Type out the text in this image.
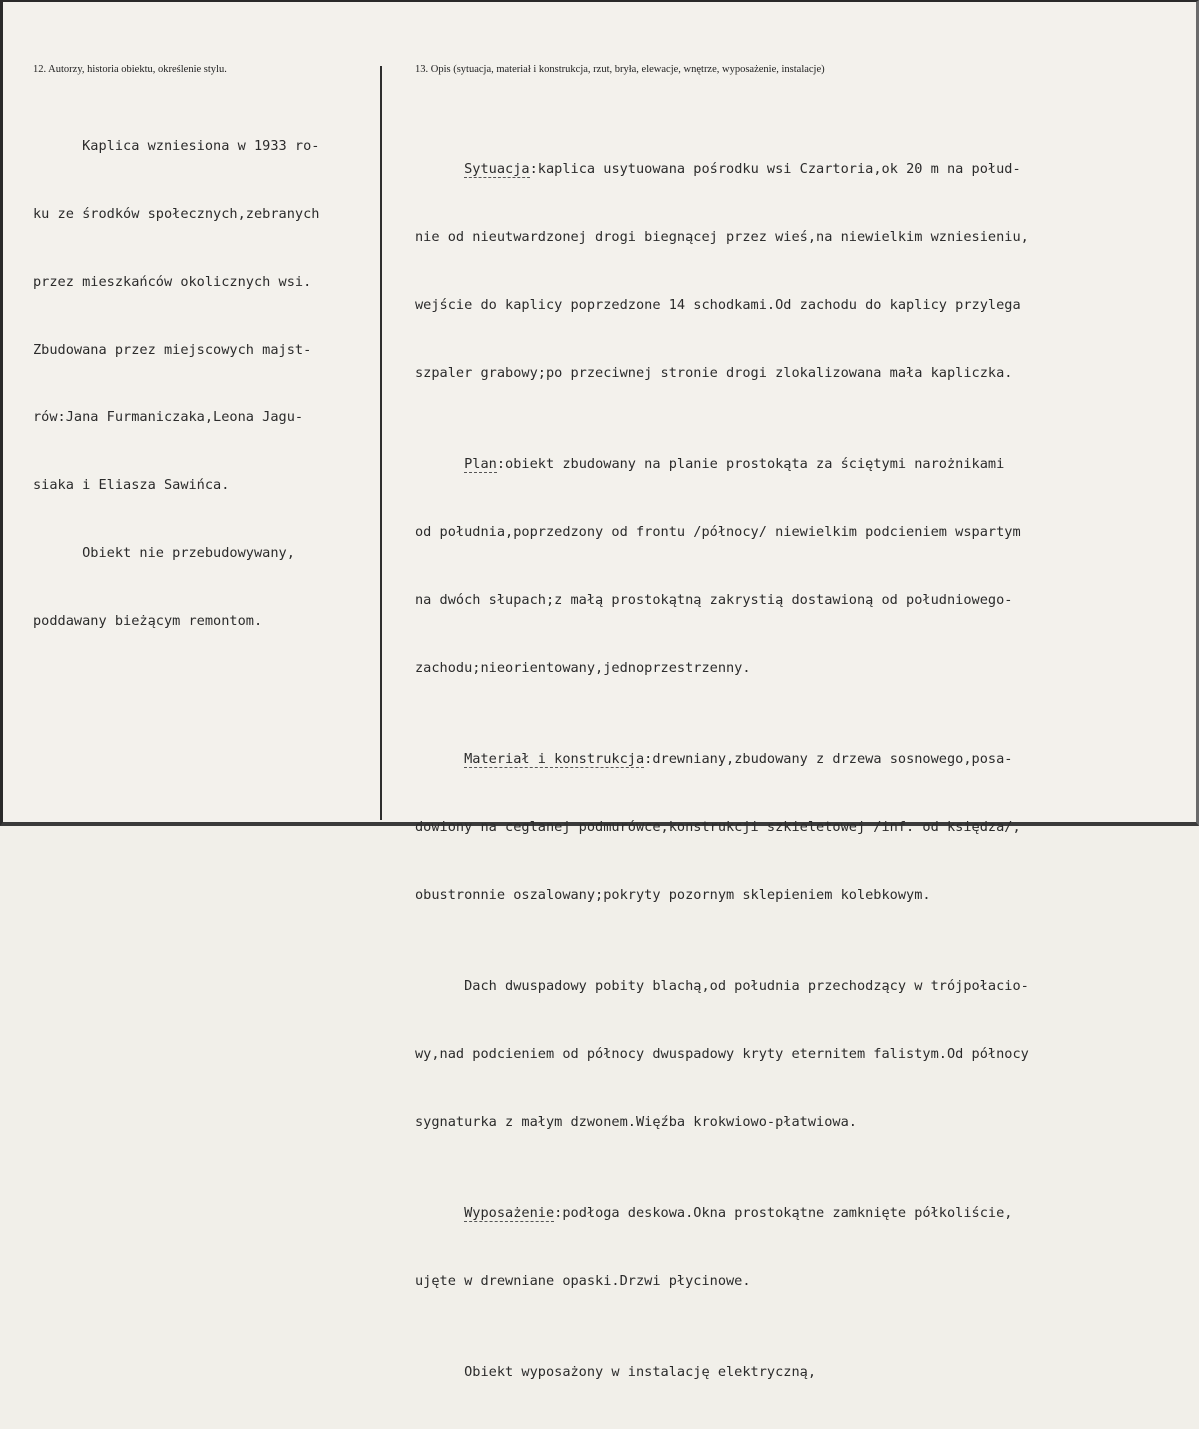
12. Autorzy, historia obiektu, określenie stylu.	13. Opis (sytuacja, materiał i konstrukcja, rzut, bryła, elewacje, wnętrze, wyposażenie, instalacje)

Kaplica wzniesiona w 1933 ro-

ku ze środków społecznych,zebranych

przez mieszkańców okolicznych wsi.

Zbudowana przez miejscowych majst-

rów:Jana Furmaniczaka,Leona Jagu-

siaka i Eliasza Sawińca.

Obiekt nie przebudowywany,

poddawany bieżącym remontom.

Sytuacja:kaplica usytuowana pośrodku wsi Czartoria,ok 20 m na połud-

nie od nieutwardzonej drogi biegnącej przez wieś,na niewielkim wzniesieniu,

wejście do kaplicy poprzedzone 14 schodkami.Od zachodu do kaplicy przylega

szpaler grabowy;po przeciwnej stronie drogi zlokalizowana mała kapliczka.

Plan:obiekt zbudowany na planie prostokąta za ściętymi narożnikami

od południa,poprzedzony od frontu /północy/ niewielkim podcieniem wspartym

na dwóch słupach;z małą prostokątną zakrystią dostawioną od południowego-

zachodu;nieorientowany,jednoprzestrzenny.

Materiał i konstrukcja:drewniany,zbudowany z drzewa sosnowego,posa-

dowiony na ceglanej podmurówce,konstrukcji szkieletowej /inf. od księdza/,

obustronnie oszalowany;pokryty pozornym sklepieniem kolebkowym.

Dach dwuspadowy pobity blachą,od południa przechodzący w trójpołacio-

wy,nad podcieniem od północy dwuspadowy kryty eternitem falistym.Od północy

sygnaturka z małym dzwonem.Więźba krokwiowo-płatwiowa.

Wyposażenie:podłoga deskowa.Okna prostokątne zamknięte półkoliście,

ujęte w drewniane opaski.Drzwi płycinowe.

Obiekt wyposażony w instalację elektryczną,
